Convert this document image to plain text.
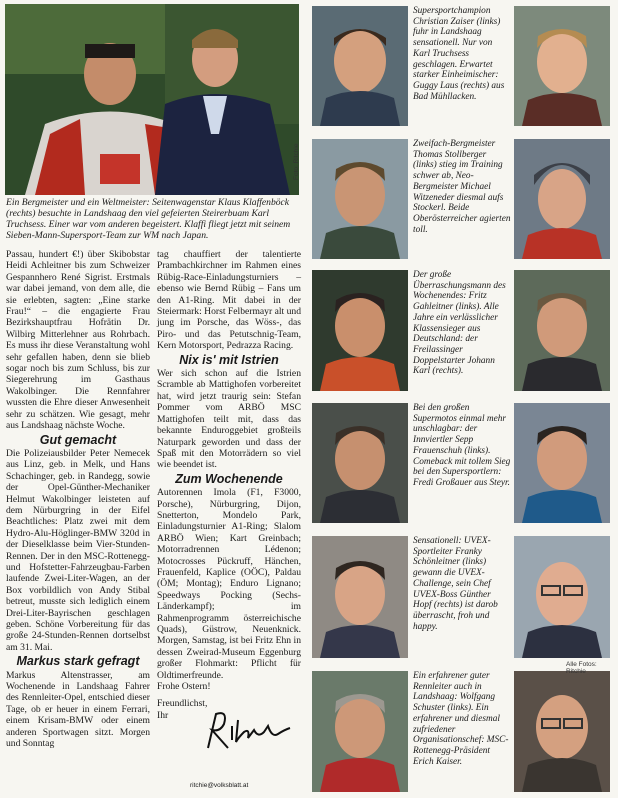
Ein Bergmeister und ein Weltmeister: Seitenwagenstar Klaus Klaffenböck (rechts) besuchte in Landshaag den viel gefeierten Steirerbuam Karl Truchsess. Einer war vom anderen begeistert. Klaffi fliegt jetzt mit seinem Sieben-Mann-Supersport-Team zur WM nach Japan.

Passau, hundert €!) über Skibobstar Heidi Achleitner bis zum Schweizer Gespannhero René Sigrist. Erstmals war dabei jemand, von dem alle, die sie erlebten, sagten: „Eine starke Frau!“ – die engagierte Frau Bezirkshauptfrau Hofrätin Dr. Wilbirg Mitterlehner aus Rohrbach. Es muss ihr diese Veranstaltung wohl sehr gefallen haben, denn sie blieb sogar noch bis zum Schluss, bis zur Siegerehrung im Gasthaus Wakolbinger. Die Rennfahrer wussten die Ehre dieser Anwesenheit sehr zu schätzen. Wie gesagt, mehr aus Landshaag nächste Woche.

Gut gemacht

Die Polizeiausbilder Peter Nemecek aus Linz, geb. in Melk, und Hans Schachinger, geb. in Randegg, sowie der Opel-Günther-Mechaniker Helmut Wakolbinger leisteten auf dem Nürburgring in der Eifel Beachtliches: Platz zwei mit dem Hydro-Alu-Höglinger-BMW 320d in der Dieselklasse beim Vier-Stunden-Rennen. Der in den MSC-Rottenegg- und Hofstetter-Fahrzeugbau-Farben laufende Zwei-Liter-Wagen, an der Box vorbildlich von Andy Stibal betreut, musste sich lediglich einem Drei-Liter-Bayrischen geschlagen geben. Schöne Vorbereitung für das große 24-Stunden-Rennen dortselbst am 31. Mai.

Markus stark gefragt

Markus Altenstrasser, am Wochenende in Landshaag Fahrer des Rennleiter-Opel, entschied dieser Tage, ob er heuer in einem Ferrari, einem Krisam-BMW oder einem anderen Sportwagen sitzt. Morgen und Sonntag

tag chauffiert der talentierte Prambachkirchner im Rahmen eines Rübig-Race-Einladungsturniers – ebenso wie Bernd Rübig – Fans um den A1-Ring. Mit dabei in der Steiermark: Horst Felbermayr alt und jung im Porsche, das Wöss-, das Piro- und das Petutschnig-Team, Kern Motorsport, Pedrazza Racing.

Nix is' mit Istrien

Wer sich schon auf die Istrien Scramble ab Mattighofen vorbereitet hat, wird jetzt traurig sein: Stefan Pommer vom ARBÖ MSC Mattighofen teilt mit, dass das bekannte Enduroggebiet großteils Naturpark geworden und dass der Spaß mit den Motorrädern so viel wie beendet ist.

Zum Wochenende

Autorennen Imola (F1, F3000, Porsche), Nürburgring, Dijon, Snetterton, Mondelo Park, Einladungsturnier A1-Ring; Slalom ARBÖ Wien; Kart Greinbach; Motorradrennen Lédenon; Motocrosses Pückruff, Hänchen, Frauenfeld, Kaplice (OÖC), Paldau (ÖM; Montag); Enduro Lignano; Speedways Pocking (Sechs-Länderkampf); im Rahmenprogramm österreichische Quads), Güstrow, Neuenknick. Morgen, Samstag, ist bei Fritz Ehn in dessen Zweirad-Museum Eggenburg großer Flohmarkt: Pflicht für Oldtimerfreunde.
Frohe Ostern!

Freundlichst,

Ihr

ritchie@volksblatt.at
Supersportchampion Christian Zaiser (links) fuhr in Landshaag sensationell. Nur von Karl Truchsess geschlagen. Erwartet starker Einheimischer: Guggy Laus (rechts) aus Bad Mühllacken.
Zweifach-Bergmeister Thomas Stollberger (links) stieg im Training schwer ab, Neo-Bergmeister Michael Witzeneder diesmal aufs Stockerl. Beide Oberösterreicher agierten toll.
Der große Überraschungsmann des Wochenendes: Fritz Gahleitner (links). Alle Jahre ein verlässlicher Klassensieger aus Deutschland: der Freilassinger Doppelstarter Johann Karl (rechts).
Bei den großen Supermotos einmal mehr unschlagbar: der Innviertler Sepp Frauenschuh (links). Comeback mit tollem Sieg bei den Supersportlern: Fredi Großauer aus Steyr.
Sensationell: UVEX-Sportleiter Franky Schönleitner (links) gewann die UVEX-Challenge, sein Chef UVEX-Boss Günther Hopf (rechts) ist darob überrascht, froh und happy.
Ein erfahrener guter Rennleiter auch in Landshaag: Wolfgang Schuster (links). Ein erfahrener und diesmal zufriedener Organisationschef: MSC-Rottenegg-Präsident Erich Kaiser.
Foto: Ritchie
Alle Fotos: Ritchie
